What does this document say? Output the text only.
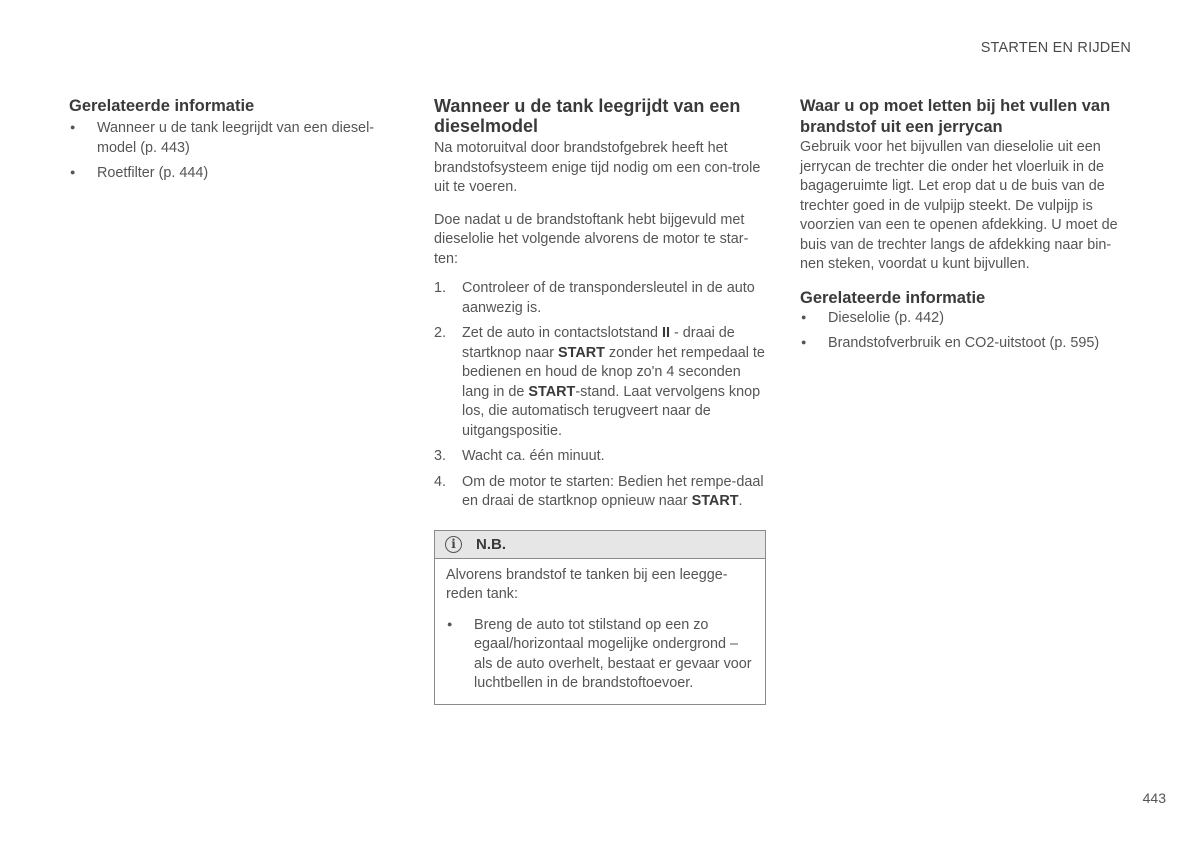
STARTEN EN RIJDEN
Gerelateerde informatie
● Wanneer u de tank leegrijdt van een diesel-model (p. 443)
● Roetfilter (p. 444)
Wanneer u de tank leegrijdt van een dieselmodel

Na motoruitval door brandstofgebrek heeft het brandstofsysteem enige tijd nodig om een con-trole uit te voeren.

Doe nadat u de brandstoftank hebt bijgevuld met dieselolie het volgende alvorens de motor te star-ten:

1. Controleer of de transpondersleutel in de auto aanwezig is.
2. Zet de auto in contactslotstand II - draai de startknop naar START zonder het rempedaal te bedienen en houd de knop zo'n 4 seconden lang in de START-stand. Laat vervolgens knop los, die automatisch terugveert naar de uitgangspositie.
3. Wacht ca. één minuut.
4. Om de motor te starten: Bedien het rempe-daal en draai de startknop opnieuw naar START.
i	N.B.

Alvorens brandstof te tanken bij een leegge-reden tank:

● Breng de auto tot stilstand op een zo egaal/horizontaal mogelijke ondergrond – als de auto overhelt, bestaat er gevaar voor luchtbellen in de brandstoftoevoer.
Waar u op moet letten bij het vullen van brandstof uit een jerrycan

Gebruik voor het bijvullen van dieselolie uit een jerrycan de trechter die onder het vloerluik in de bagageruimte ligt. Let erop dat u de buis van de trechter goed in de vulpijp steekt. De vulpijp is voorzien van een te openen afdekking. U moet de buis van de trechter langs de afdekking naar bin-nen steken, voordat u kunt bijvullen.

Gerelateerde informatie
● Dieselolie (p. 442)
● Brandstofverbruik en CO2-uitstoot (p. 595)
443
